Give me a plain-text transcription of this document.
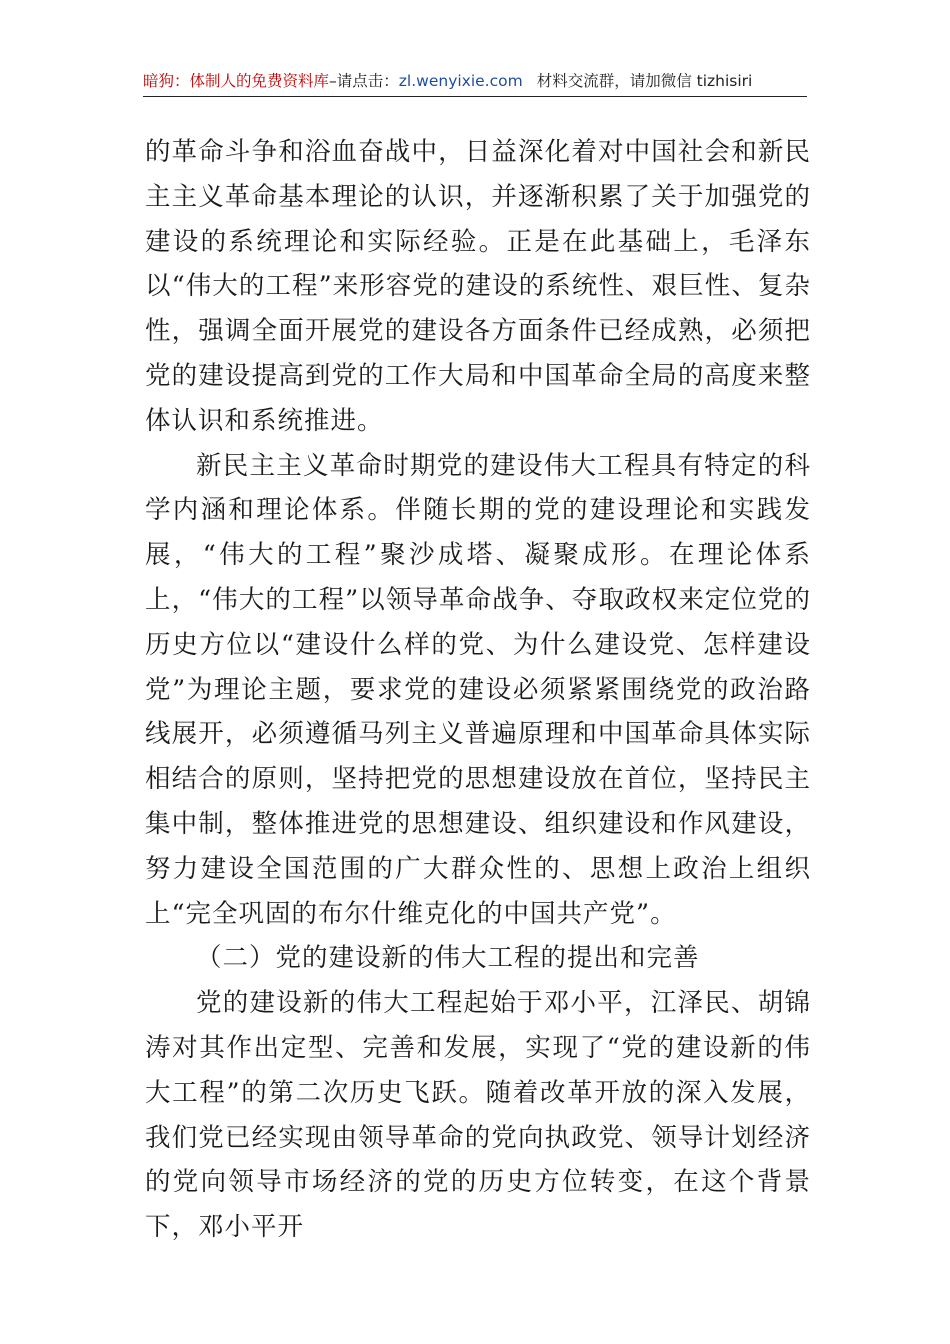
暗狗：体制人的免费资料库–请点击：zl.wenyixie.com 材料交流群，请加微信 tizhisiri

的革命斗争和浴血奋战中，日益深化着对中国社会和新民主主义革命基本理论的认识，并逐渐积累了关于加强党的建设的系统理论和实际经验。正是在此基础上，毛泽东以“伟大的工程”来形容党的建设的系统性、艰巨性、复杂性，强调全面开展党的建设各方面条件已经成熟，必须把党的建设提高到党的工作大局和中国革命全局的高度来整体认识和系统推进。

新民主主义革命时期党的建设伟大工程具有特定的科学内涵和理论体系。伴随长期的党的建设理论和实践发展，“伟大的工程”聚沙成塔、凝聚成形。在理论体系上，“伟大的工程”以领导革命战争、夺取政权来定位党的历史方位以“建设什么样的党、为什么建设党、怎样建设党”为理论主题，要求党的建设必须紧紧围绕党的政治路线展开，必须遵循马列主义普遍原理和中国革命具体实际相结合的原则，坚持把党的思想建设放在首位，坚持民主集中制，整体推进党的思想建设、组织建设和作风建设，努力建设全国范围的广大群众性的、思想上政治上组织上“完全巩固的布尔什维克化的中国共产党”。

（二）党的建设新的伟大工程的提出和完善

党的建设新的伟大工程起始于邓小平，江泽民、胡锦涛对其作出定型、完善和发展，实现了“党的建设新的伟大工程”的第二次历史飞跃。随着改革开放的深入发展，我们党已经实现由领导革命的党向执政党、领导计划经济的党向领导市场经济的党的历史方位转变，在这个背景下，邓小平开
